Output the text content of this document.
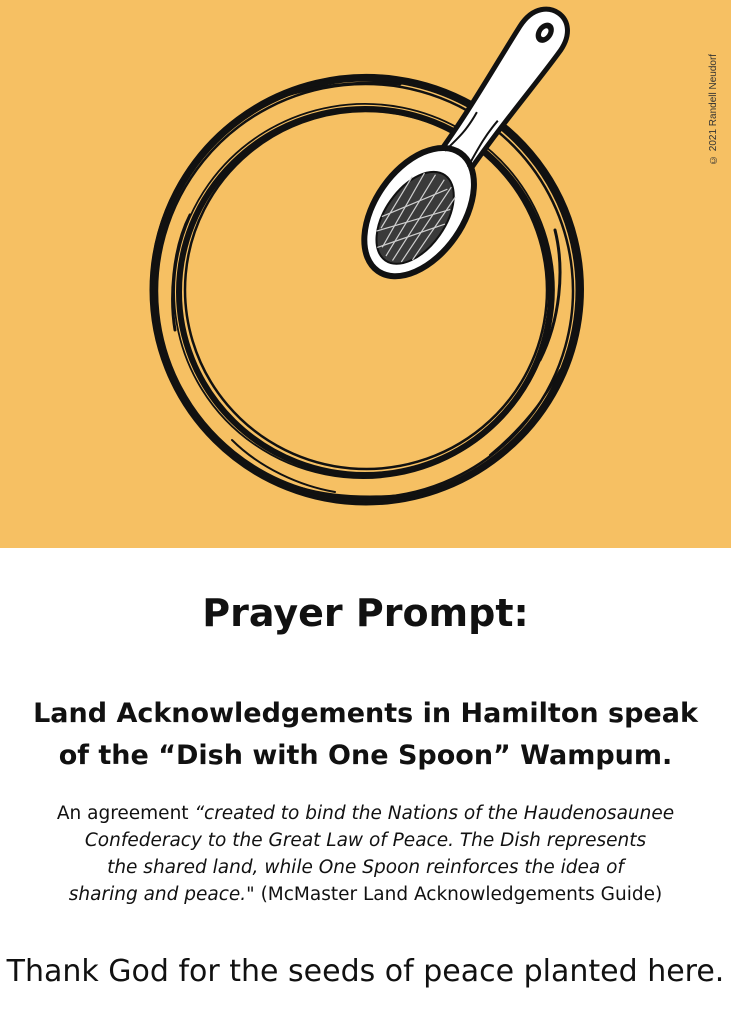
© 2021 Randell Neudorf
Prayer Prompt:
Land Acknowledgements in Hamilton speak
of the “Dish with One Spoon” Wampum.
An agreement “created to bind the Nations of the Haudenosaunee
Confederacy to the Great Law of Peace. The Dish represents
the shared land, while One Spoon reinforces the idea of
sharing and peace." (McMaster Land Acknowledgements Guide)
Thank God for the seeds of peace planted here.
